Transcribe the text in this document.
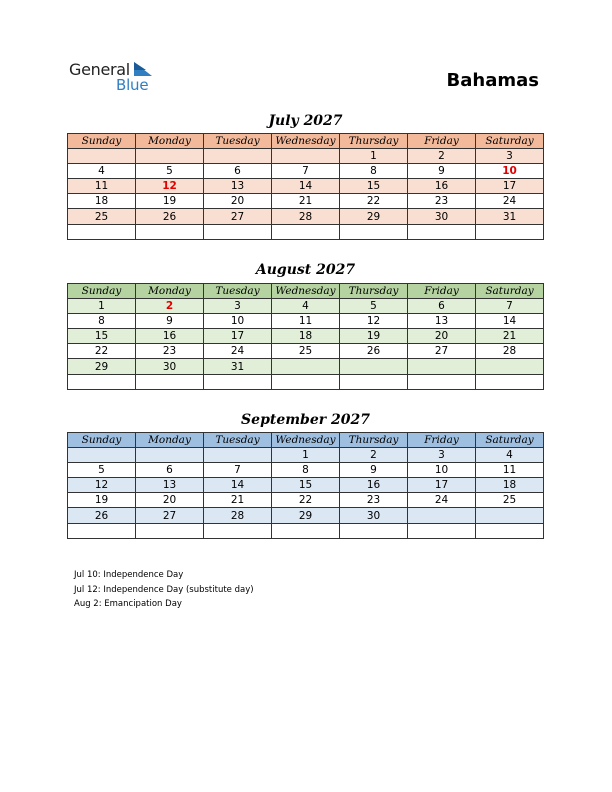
General
Blue	Bahamas
July 2027
Sunday	Monday	Tuesday	Wednesday	Thursday	Friday	Saturday
				1	2	3
4	5	6	7	8	9	10
11	12	13	14	15	16	17
18	19	20	21	22	23	24
25	26	27	28	29	30	31

August 2027
Sunday	Monday	Tuesday	Wednesday	Thursday	Friday	Saturday
1	2	3	4	5	6	7
8	9	10	11	12	13	14
15	16	17	18	19	20	21
22	23	24	25	26	27	28
29	30	31				

September 2027
Sunday	Monday	Tuesday	Wednesday	Thursday	Friday	Saturday
			1	2	3	4
5	6	7	8	9	10	11
12	13	14	15	16	17	18
19	20	21	22	23	24	25
26	27	28	29	30		

Jul 10: Independence Day
Jul 12: Independence Day (substitute day)
Aug 2: Emancipation Day
